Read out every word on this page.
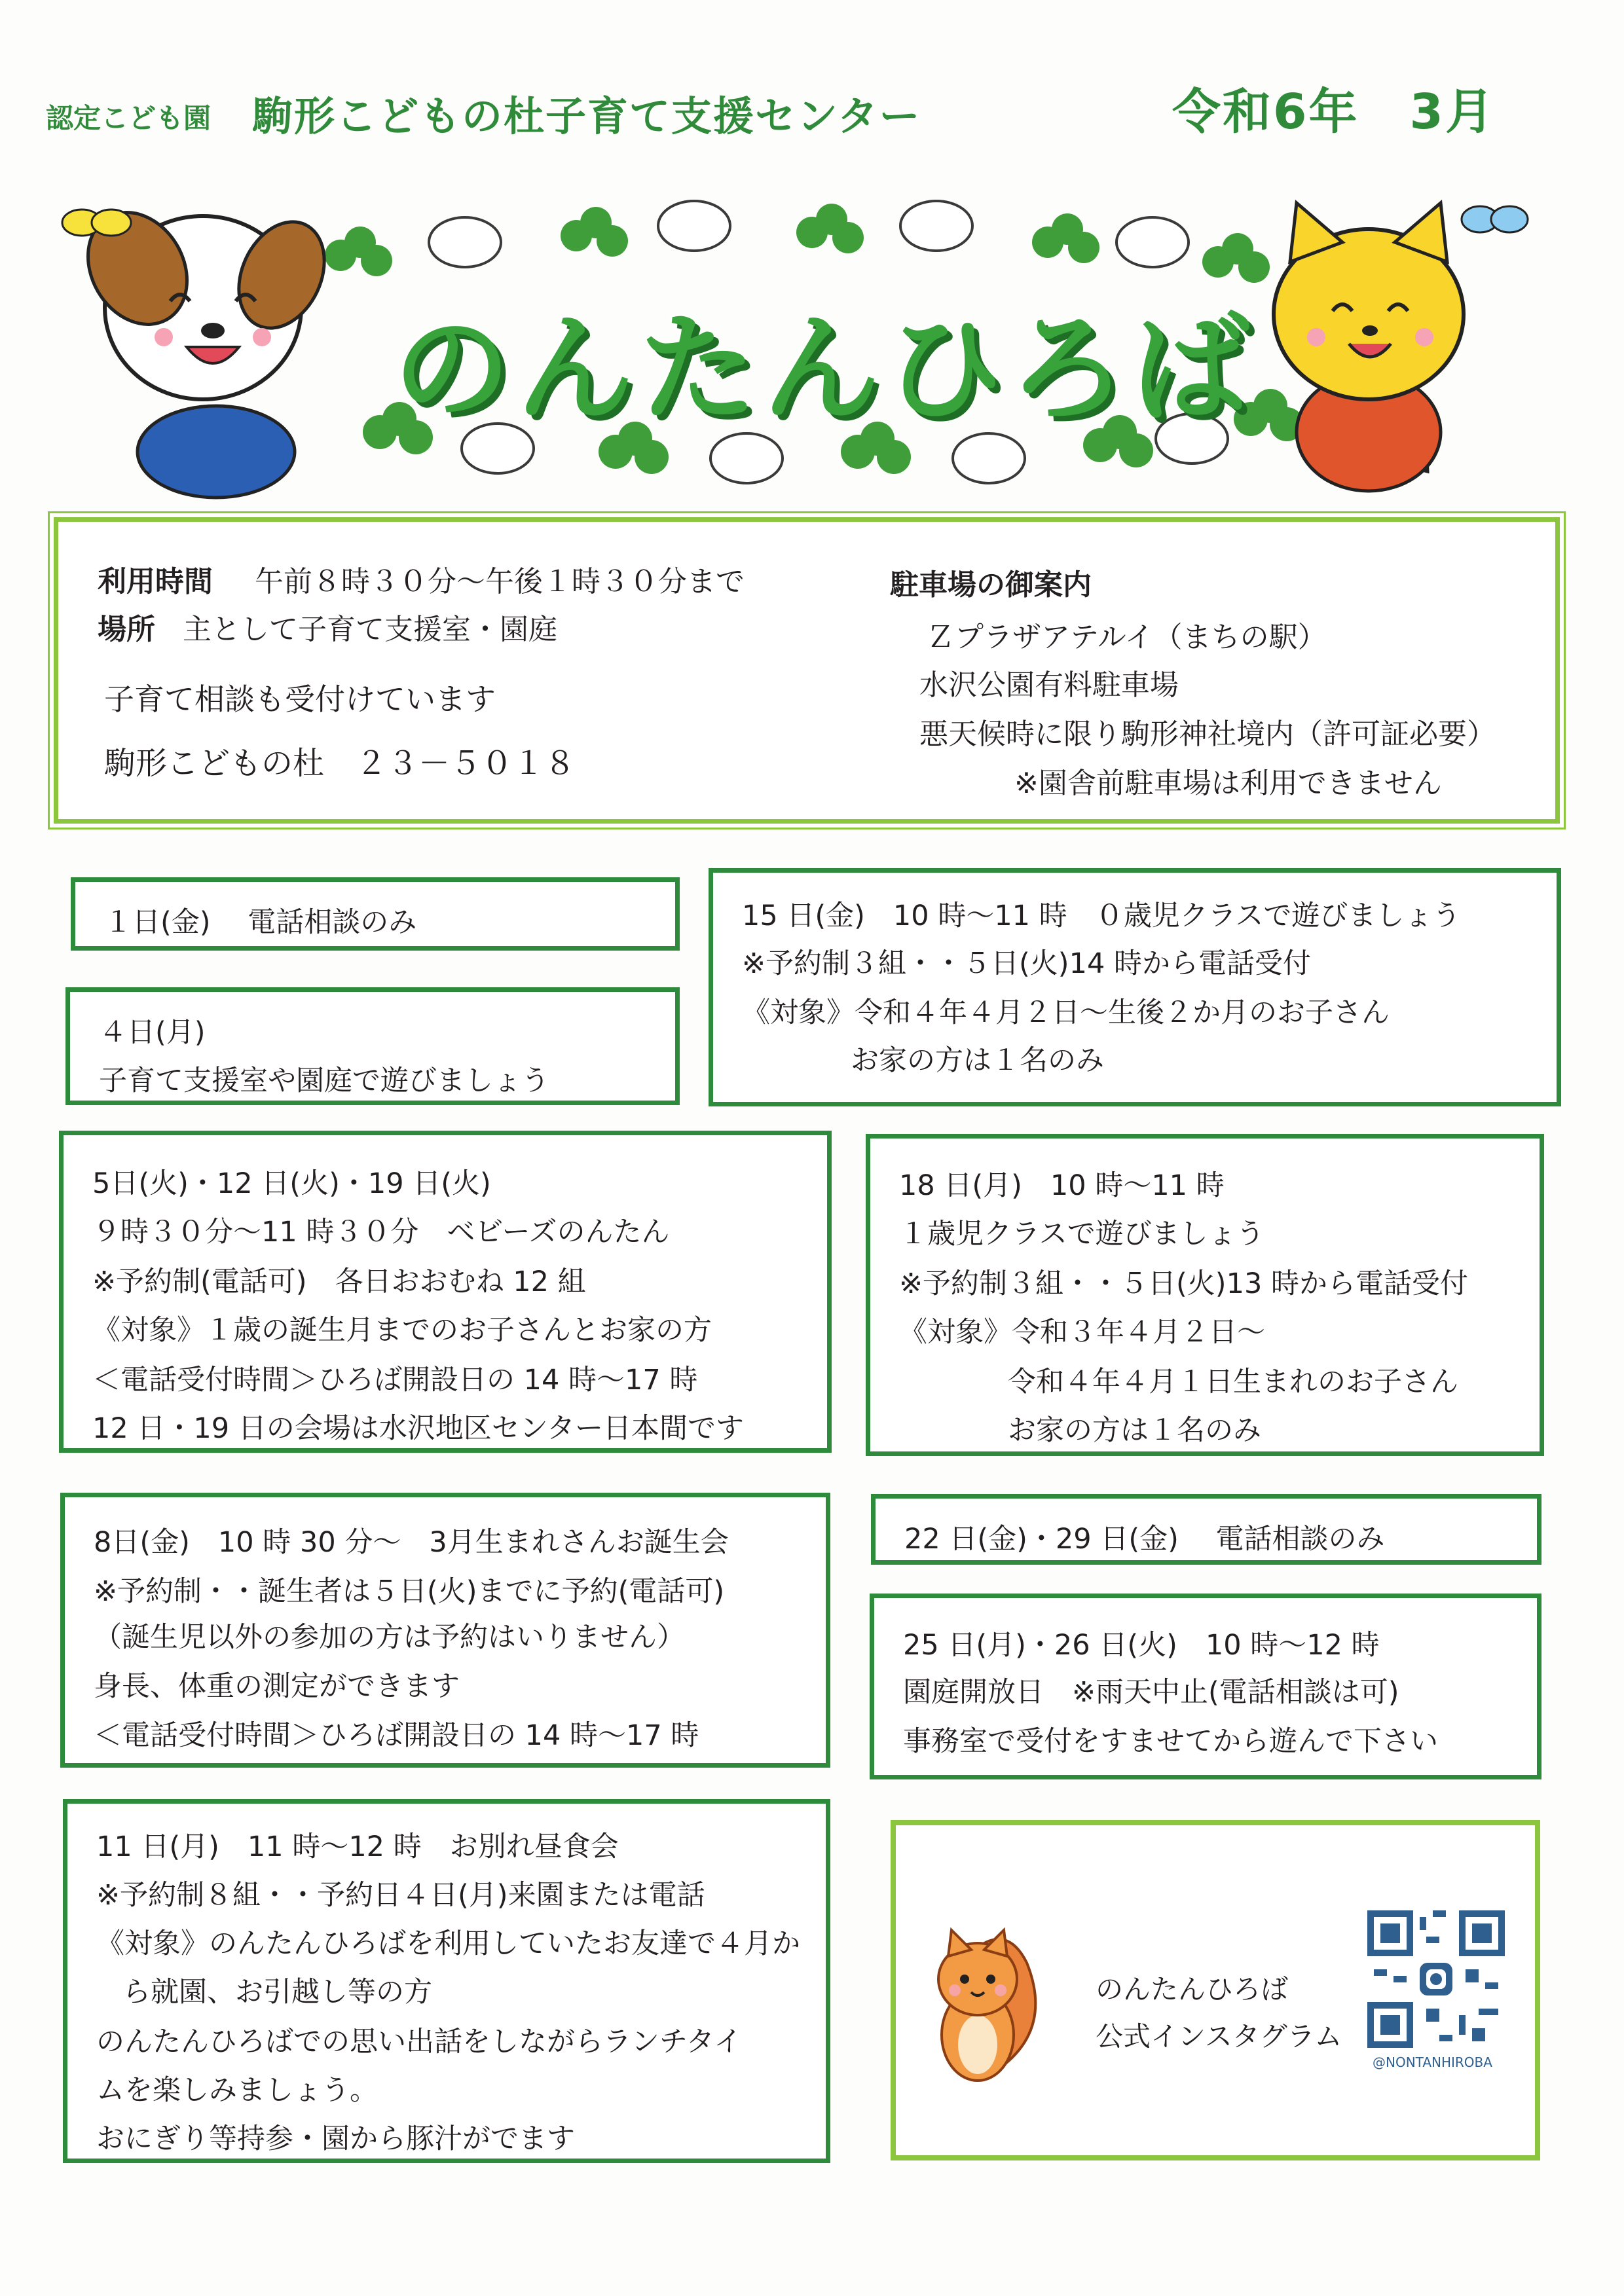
認定こども園 駒形こどもの杜子育て支援センター	令和6年　3月
のんたんひろば
利用時間 午前８時３０分～午後１時３０分まで
場所 主として子育て支援室・園庭
子育て相談も受付けています
駒形こどもの杜　２３－５０１８
駐車場の御案内
Ｚプラザアテルイ（まちの駅）
水沢公園有料駐車場
悪天候時に限り駒形神社境内（許可証必要）
※園舎前駐車場は利用できません
１日(金)　 電話相談のみ
４日(月)
子育て支援室や園庭で遊びましょう
15 日(金)　10 時～11 時　０歳児クラスで遊びましょう
※予約制３組・・５日(火)14 時から電話受付
《対象》令和４年４月２日～生後２か月のお子さん
お家の方は１名のみ
5日(火)・12 日(火)・19 日(火)
９時３０分～11 時３０分　ベビーズのんたん
※予約制(電話可)　各日おおむね 12 組
《対象》１歳の誕生月までのお子さんとお家の方
＜電話受付時間＞ひろば開設日の 14 時～17 時
12 日・19 日の会場は水沢地区センター日本間です
18 日(月)　10 時～11 時
１歳児クラスで遊びましょう
※予約制３組・・５日(火)13 時から電話受付
《対象》令和３年４月２日～
令和４年４月１日生まれのお子さん
お家の方は１名のみ
8日(金)　10 時 30 分～　3月生まれさんお誕生会
※予約制・・誕生者は５日(火)までに予約(電話可)
（誕生児以外の参加の方は予約はいりません）
身長、体重の測定ができます
＜電話受付時間＞ひろば開設日の 14 時～17 時
22 日(金)・29 日(金)　 電話相談のみ
25 日(月)・26 日(火)　10 時～12 時
園庭開放日　※雨天中止(電話相談は可)
事務室で受付をすませてから遊んで下さい
11 日(月)　11 時～12 時　お別れ昼食会
※予約制８組・・予約日４日(月)来園または電話
《対象》のんたんひろばを利用していたお友達で４月か
ら就園、お引越し等の方
のんたんひろばでの思い出話をしながらランチタイ
ムを楽しみましょう。
おにぎり等持参・園から豚汁がでます
のんたんひろば
公式インスタグラム
@NONTANHIROBA
